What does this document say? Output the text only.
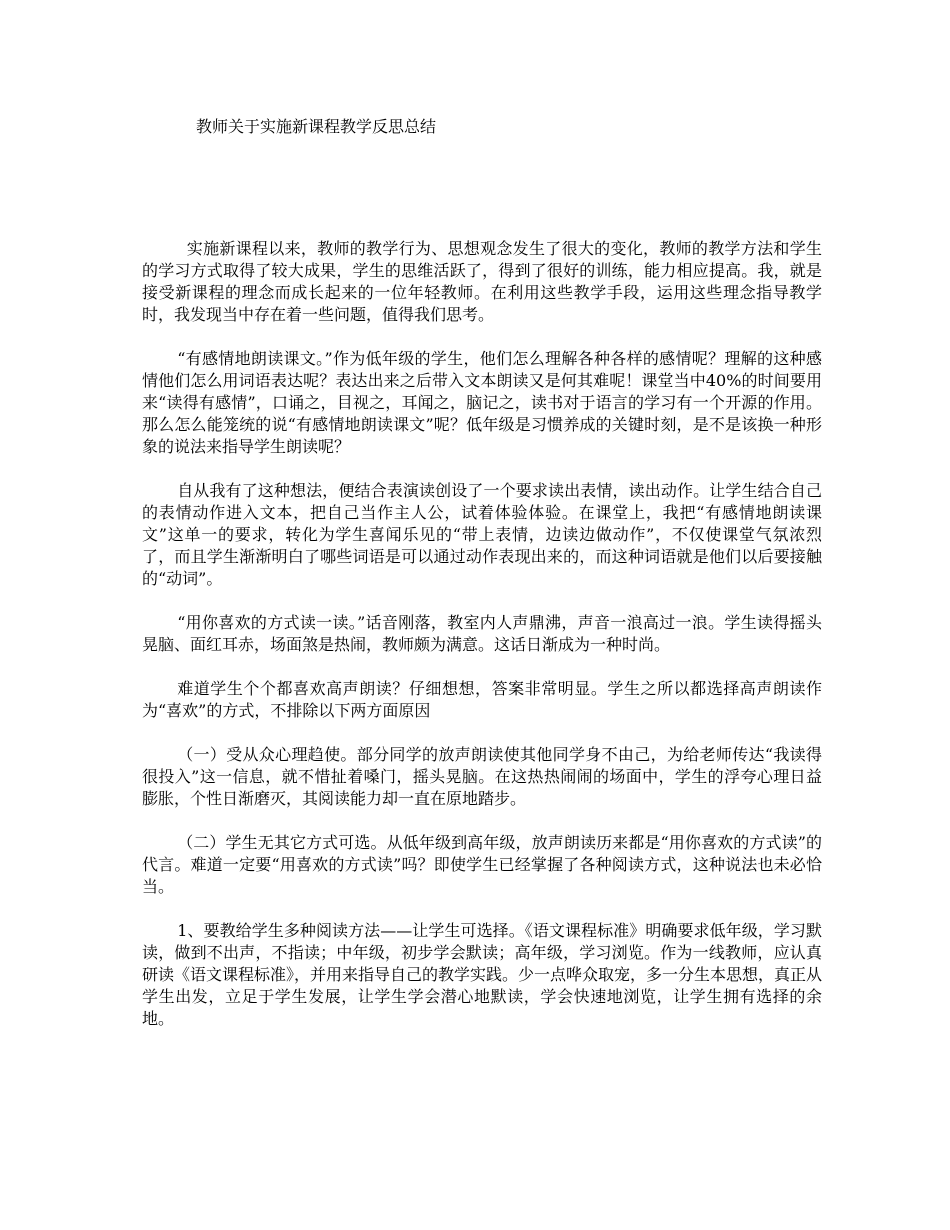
教师关于实施新课程教学反思总结

实施新课程以来，教师的教学行为、思想观念发生了很大的变化，教师的教学方法和学生的学习方式取得了较大成果，学生的思维活跃了，得到了很好的训练，能力相应提高。我，就是接受新课程的理念而成长起来的一位年轻教师。在利用这些教学手段，运用这些理念指导教学时，我发现当中存在着一些问题，值得我们思考。

“有感情地朗读课文。”作为低年级的学生，他们怎么理解各种各样的感情呢？理解的这种感情他们怎么用词语表达呢？表达出来之后带入文本朗读又是何其难呢！课堂当中40%的时间要用来“读得有感情”，口诵之，目视之，耳闻之，脑记之，读书对于语言的学习有一个开源的作用。那么怎么能笼统的说“有感情地朗读课文”呢？低年级是习惯养成的关键时刻，是不是该换一种形象的说法来指导学生朗读呢？

自从我有了这种想法，便结合表演读创设了一个要求读出表情，读出动作。让学生结合自己的表情动作进入文本，把自己当作主人公，试着体验体验。在课堂上，我把“有感情地朗读课文”这单一的要求，转化为学生喜闻乐见的“带上表情，边读边做动作”，不仅使课堂气氛浓烈了，而且学生渐渐明白了哪些词语是可以通过动作表现出来的，而这种词语就是他们以后要接触的“动词”。

“用你喜欢的方式读一读。”话音刚落，教室内人声鼎沸，声音一浪高过一浪。学生读得摇头晃脑、面红耳赤，场面煞是热闹，教师颇为满意。这话日渐成为一种时尚。

难道学生个个都喜欢高声朗读？仔细想想，答案非常明显。学生之所以都选择高声朗读作为“喜欢”的方式，不排除以下两方面原因

（一）受从众心理趋使。部分同学的放声朗读使其他同学身不由己，为给老师传达“我读得很投入”这一信息，就不惜扯着嗓门，摇头晃脑。在这热热闹闹的场面中，学生的浮夸心理日益膨胀，个性日渐磨灭，其阅读能力却一直在原地踏步。

（二）学生无其它方式可选。从低年级到高年级，放声朗读历来都是“用你喜欢的方式读”的代言。难道一定要“用喜欢的方式读”吗？即使学生已经掌握了各种阅读方式，这种说法也未必恰当。

1、要教给学生多种阅读方法——让学生可选择。《语文课程标准》明确要求低年级，学习默读，做到不出声，不指读；中年级，初步学会默读；高年级，学习浏览。作为一线教师，应认真研读《语文课程标准》，并用来指导自己的教学实践。少一点哗众取宠，多一分生本思想，真正从学生出发，立足于学生发展，让学生学会潜心地默读，学会快速地浏览，让学生拥有选择的余地。
